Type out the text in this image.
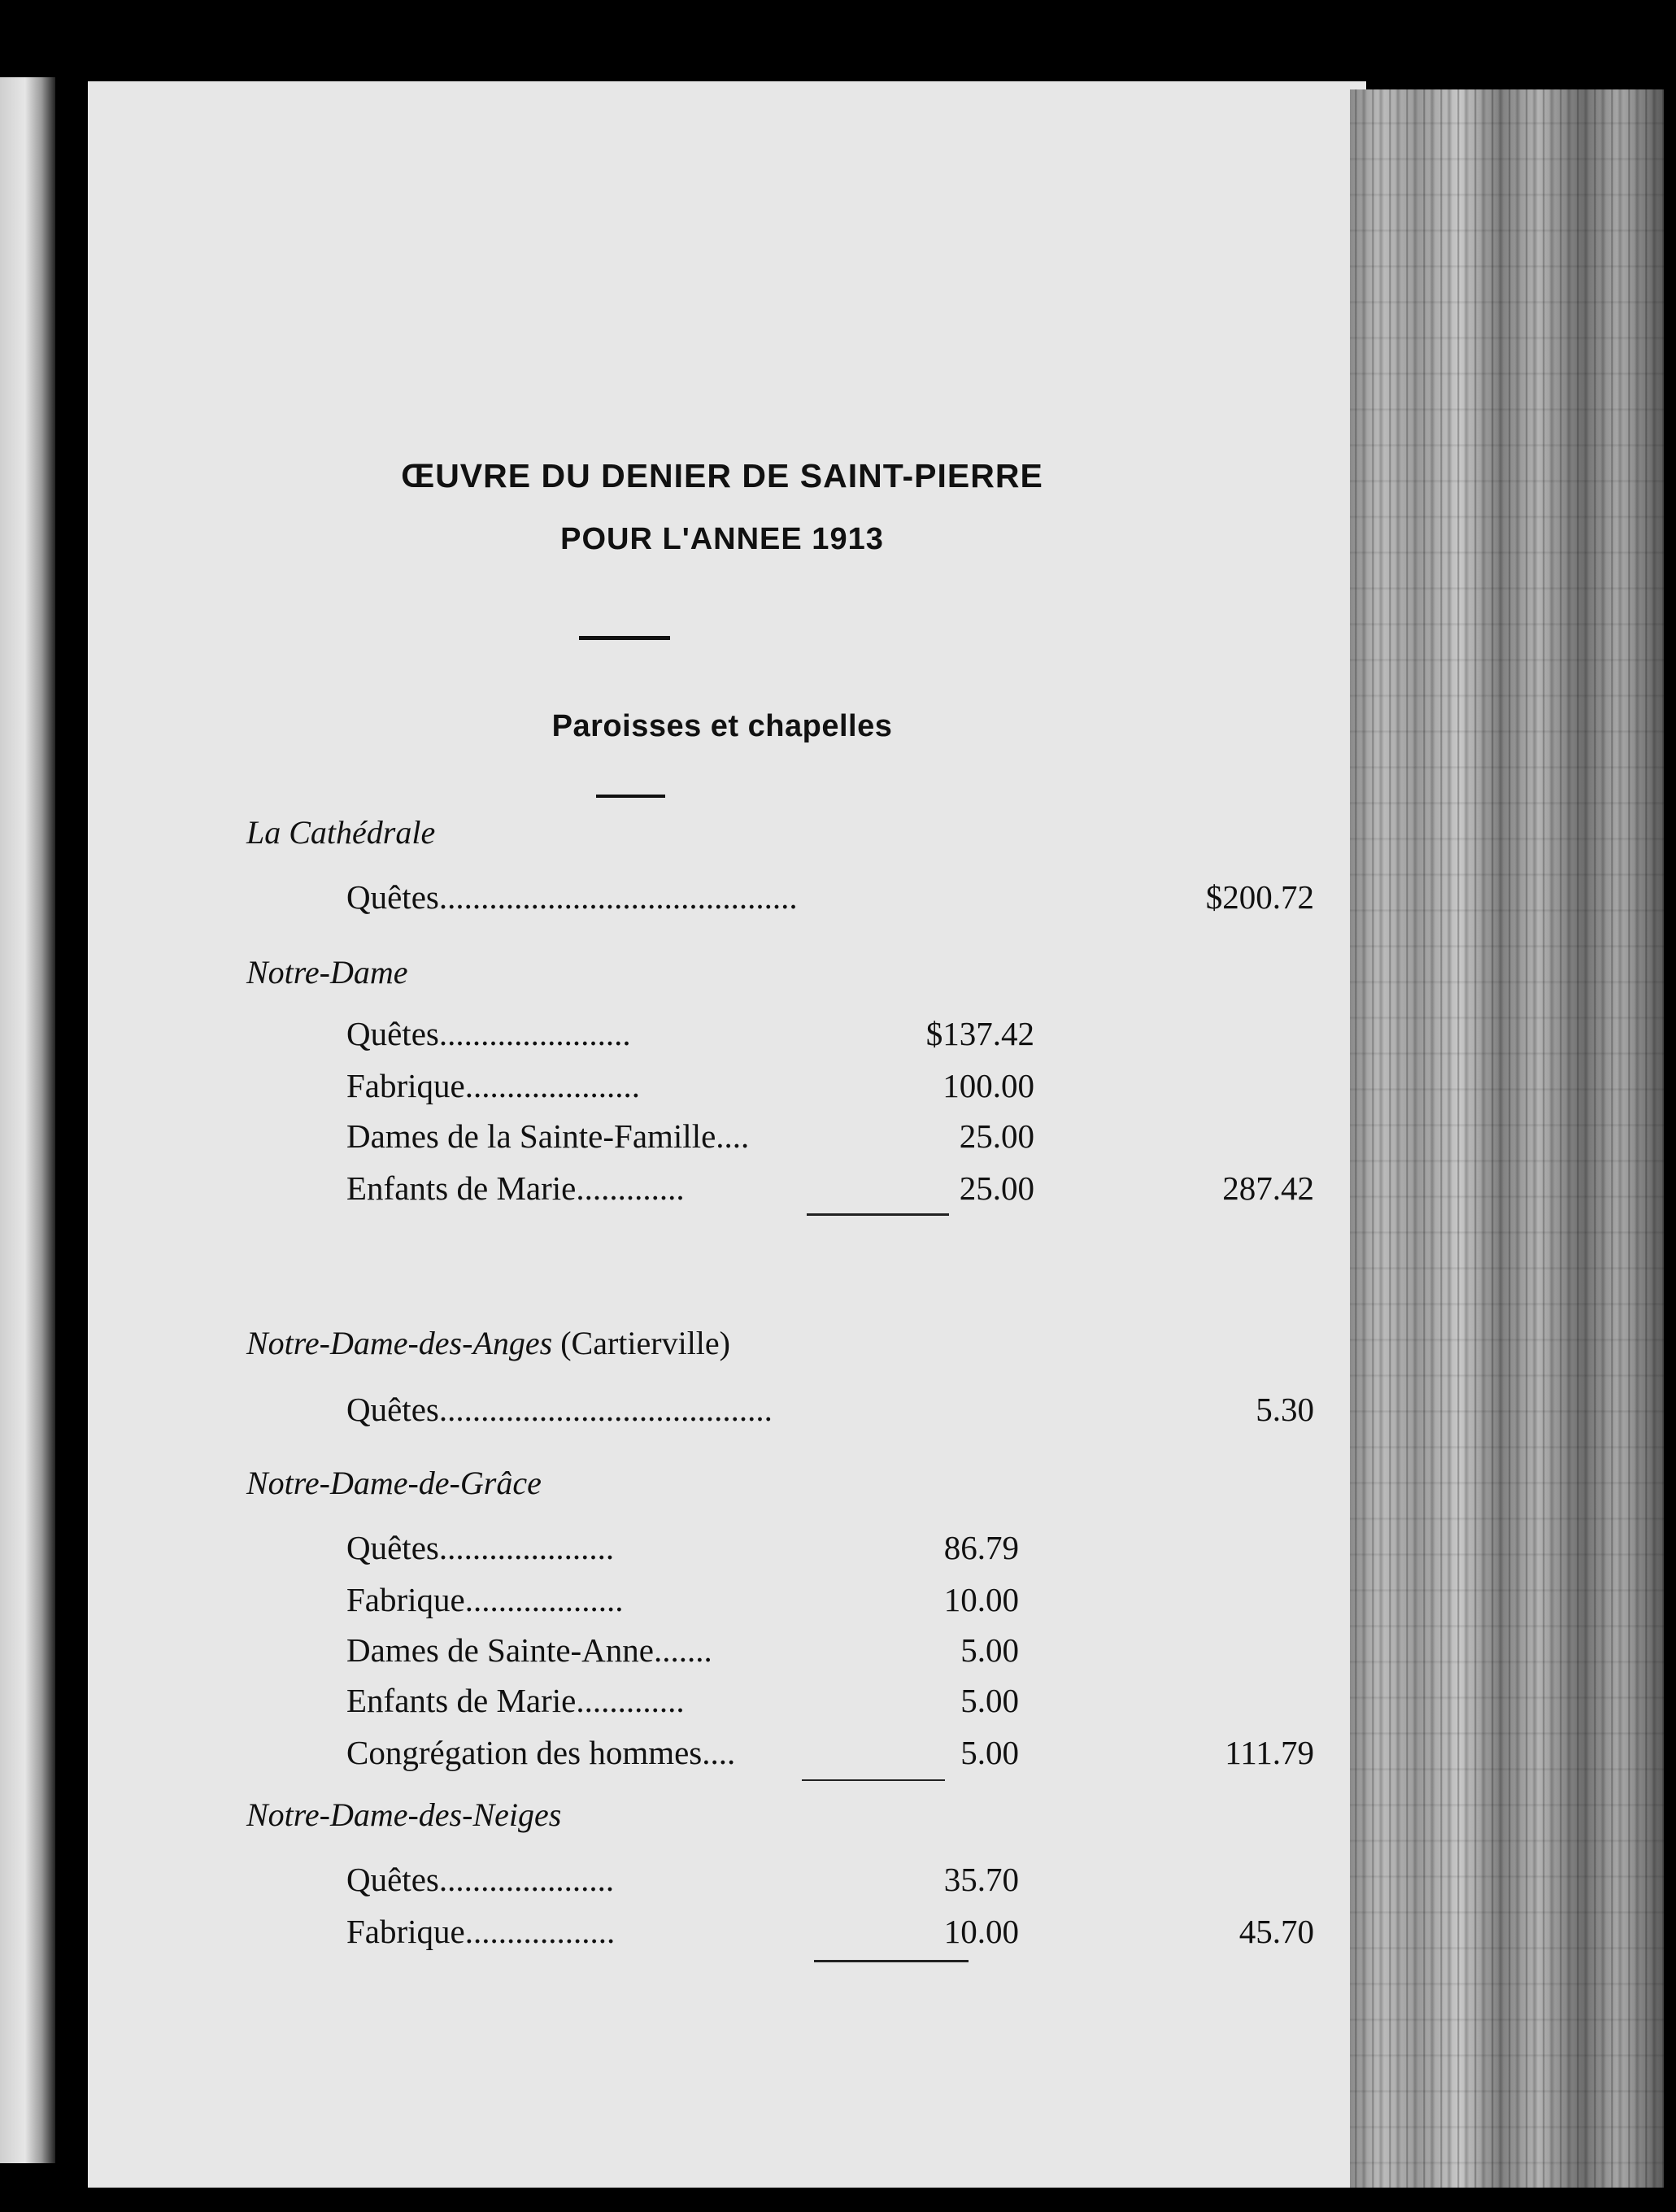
ŒUVRE DU DENIER DE SAINT-PIERRE
POUR L'ANNEE 1913
Paroisses et chapelles
La Cathédrale
Quêtes...........................................	$200.72
Notre-Dame
Quêtes.......................	$137.42
Fabrique.....................	100.00
Dames de la Sainte-Famille....	25.00
Enfants de Marie.............	25.00	287.42
Notre-Dame-des-Anges (Cartierville)
Quêtes........................................	5.30
Notre-Dame-de-Grâce
Quêtes.....................	86.79
Fabrique...................	10.00
Dames de Sainte-Anne.......	5.00
Enfants de Marie.............	5.00
Congrégation des hommes....	5.00	111.79
Notre-Dame-des-Neiges
Quêtes.....................	35.70
Fabrique..................	10.00	45.70
